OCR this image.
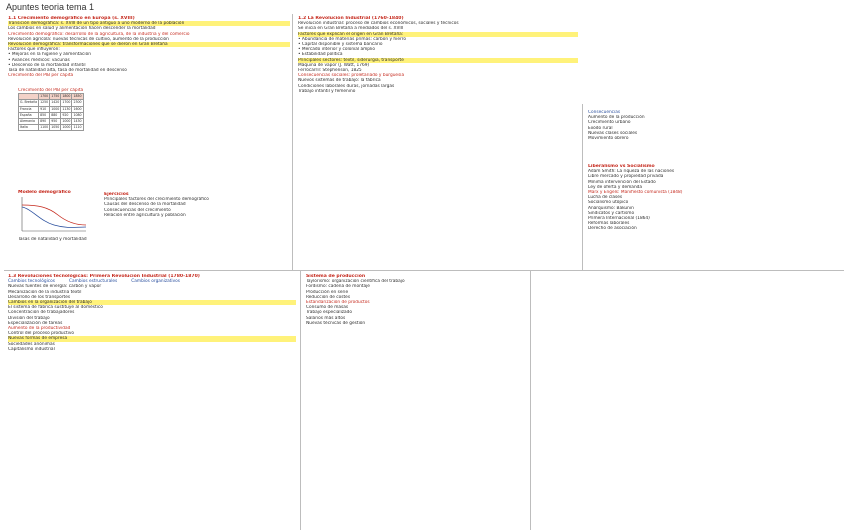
Apuntes teoria tema 1
1.1 Crecimiento demográfico en Europa (s. XVIII)
Transición demográfica: s. XVIII de un tipo antiguo a uno moderno de la población
Los cambios en salud y alimentación hacen descender la mortalidad
Crecimiento demográfico: desarrollo de la agricultura, de la industria y del comercio
Revolución agrícola: nuevas técnicas de cultivo, aumento de la producción
Revolución demográfica: transformaciones que se dieron en Gran Bretaña
Factores que influyeron:
• Mejoras en la higiene y alimentación
• Avances médicos: vacunas
• Descenso de la mortalidad infantil
Tasa de natalidad alta, tasa de mortalidad en descenso
Crecimiento del PIB per cápita
Crecimiento del PIB per cápita
	1700	1750	1800	1850
G. Bretaña	1250	1420	1700	2300
Francia	910	1000	1130	1600
España	850	880	920	1080
Alemania	890	950	1000	1430
Italia	1100	1050	1000	1110
Modelo demográfico
Tasas de natalidad y mortalidad
Ejercicios
Principales factores del crecimiento demográfico
Causas del descenso de la mortalidad
Consecuencias del crecimiento
Relación entre agricultura y población
1.2 La Revolución Industrial (1760-1840)
Revolución industrial: proceso de cambios económicos, sociales y técnicos
Se inicia en Gran Bretaña a mediados del s. XVIII
Factores que explican el origen en Gran Bretaña:
• Abundancia de materias primas: carbón y hierro
• Capital disponible y sistema bancario
• Mercado interior y colonial amplio
• Estabilidad política
Principales sectores: textil, siderurgia, transporte
Máquina de vapor (J. Watt, 1769)
Ferrocarril: Stephenson, 1825
Consecuencias sociales: proletariado y burguesía
Nuevos sistemas de trabajo: la fábrica
Condiciones laborales duras, jornadas largas
Trabajo infantil y femenino
Consecuencias
Aumento de la producción
Crecimiento urbano
Éxodo rural
Nuevas clases sociales
Movimiento obrero
Liberalismo vs Socialismo
Adam Smith: La riqueza de las naciones
Libre mercado y propiedad privada
Mínima intervención del Estado
Ley de oferta y demanda
Marx y Engels: Manifiesto comunista (1848)
Lucha de clases
Socialismo utópico
Anarquismo: Bakunin
Sindicatos y cartismo
Primera Internacional (1864)
Reformas laborales
Derecho de asociación
1.3 Revoluciones tecnológicas: Primera Revolución Industrial (1780-1870)
Cambios tecnológicos	Cambios estructurales	Cambios organizativos
Nuevas fuentes de energía: carbón y vapor
Mecanización de la industria textil
Desarrollo de los transportes
Cambios en la organización del trabajo
El sistema de fábrica sustituye al doméstico
Concentración de trabajadores
División del trabajo
Especialización de tareas
Aumento de la productividad
Control del proceso productivo
Nuevas formas de empresa
Sociedades anónimas
Capitalismo industrial
Sistema de producción
Taylorismo: organización científica del trabajo
Fordismo: cadena de montaje
Producción en serie
Reducción de costes
Estandarización de productos
Consumo de masas
Trabajo especializado
Salarios más altos
Nuevas técnicas de gestión
